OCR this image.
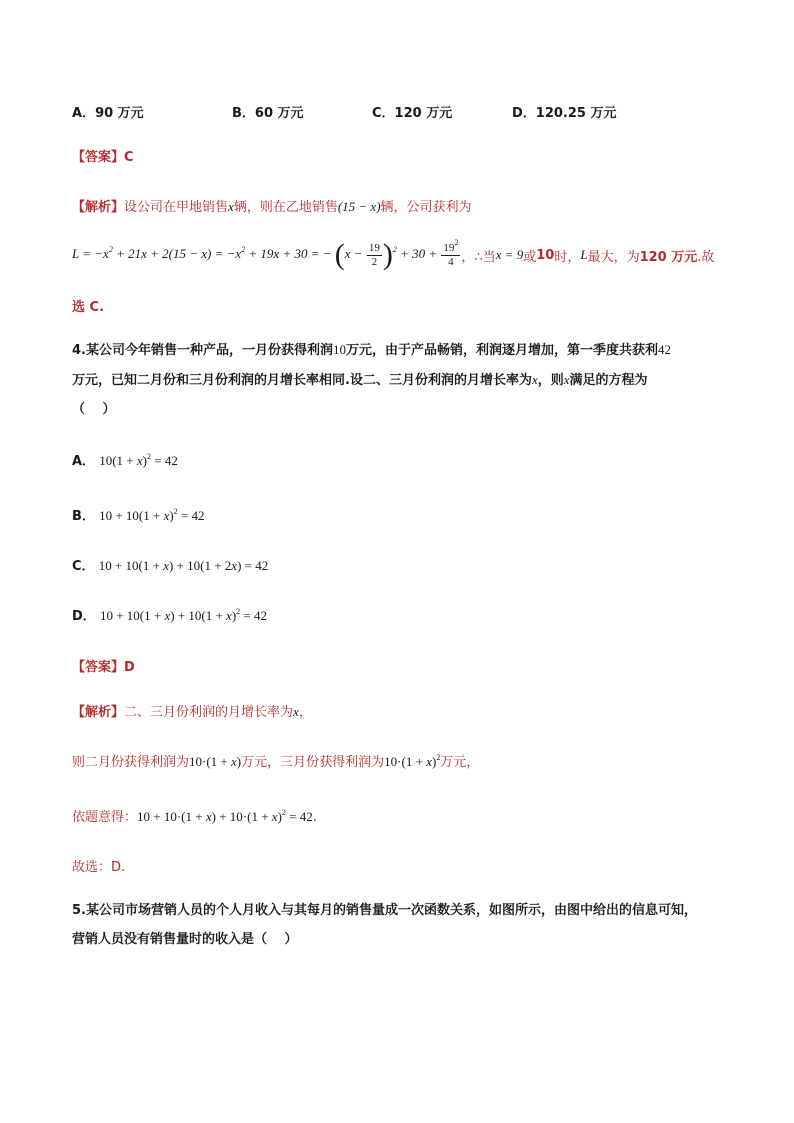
A．90 万元	B．60 万元	C．120 万元	D．120.25 万元
【答案】C
【解析】设公司在甲地销售x辆，则在乙地销售(15 − x)辆，公司获利为
$L = -x^2 + 21x + 2(15 - x) = -x^2 + 19x + 30$ = − $(x - \frac{19}{2} )^2 + 30 + \frac{19^2}{4}$ ，∴当 x = 9 或 10 时， L 最大，为 120 万元 .故
选 C.
4.某公司今年销售一种产品，一月份获得利润10万元，由于产品畅销，利润逐月增加，第一季度共获利42
万元，已知二月份和三月份利润的月增长率相同.设二、三月份利润的月增长率为x，则x满足的方程为
（　 ）
A． $10(1 + x)^2 = 42$
B． $10 + 10(1 + x)^2 = 42$
C． 10 + 10(1 + x) + 10(1 + 2x) = 42
D． $10 + 10(1 + x) + 10(1 + x)^2 = 42$
【答案】D
【解析】二、三月份利润的月增长率为x，
则二月份获得利润为10·(1 + x)万元，三月份获得利润为$10\cdot(1 + x)^2$万元，
依题意得：$10 + 10\cdot(1 + x) + 10\cdot(1 + x)^2 = 42$.
故选：D.
5.某公司市场营销人员的个人月收入与其每月的销售量成一次函数关系，如图所示，由图中给出的信息可知，
营销人员没有销售量时的收入是（　 ）
